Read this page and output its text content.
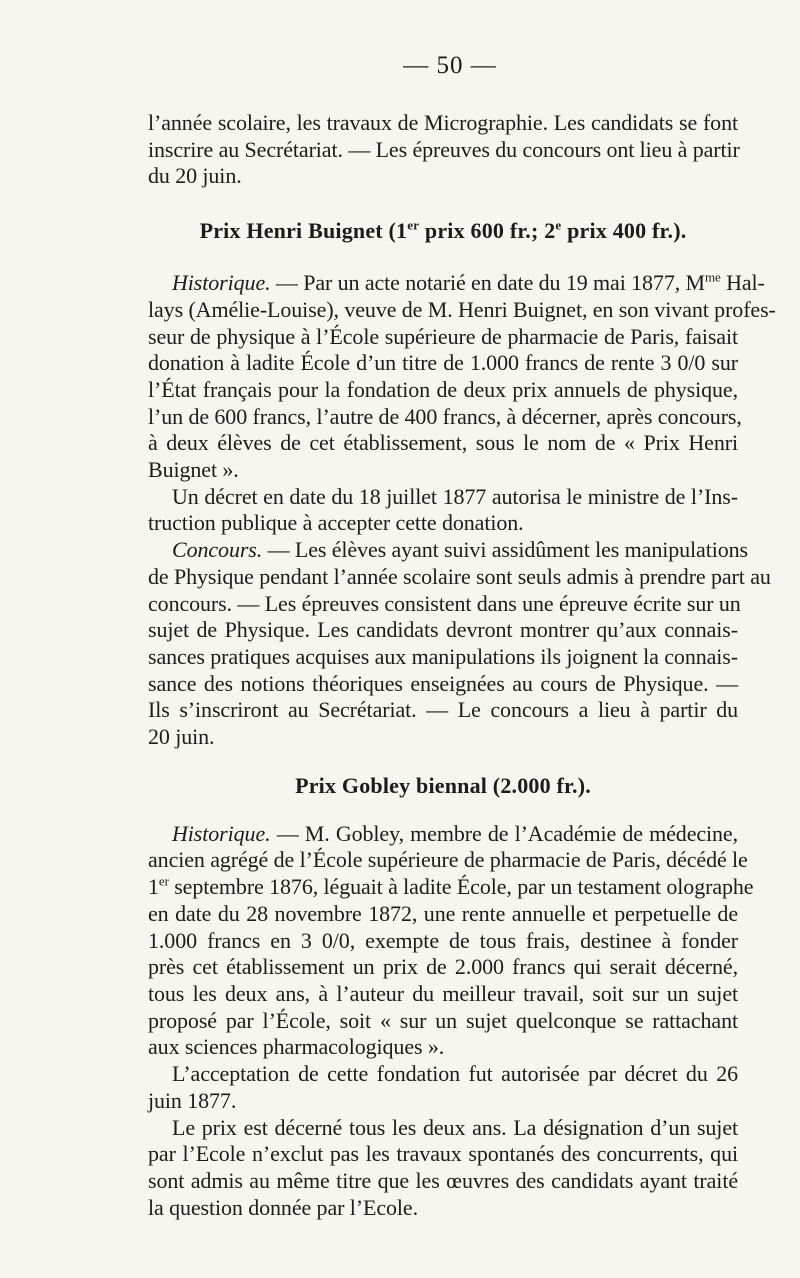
— 50 —
l’année scolaire, les travaux de Micrographie. Les candidats se font
inscrire au Secrétariat. — Les épreuves du concours ont lieu à partir
du 20 juin.
Prix Henri Buignet (1er prix 600 fr.; 2e prix 400 fr.).
Historique. — Par un acte notarié en date du 19 mai 1877, $M^{me}$ Hal-
lays (Amélie-Louise), veuve de M. Henri Buignet, en son vivant profes-
seur de physique à l’École supérieure de pharmacie de Paris, faisait
donation à ladite École d’un titre de 1.000 francs de rente 3 0/0 sur
l’État français pour la fondation de deux prix annuels de physique,
l’un de 600 francs, l’autre de 400 francs, à décerner, après concours,
à deux élèves de cet établissement, sous le nom de « Prix Henri
Buignet ».
Un décret en date du 18 juillet 1877 autorisa le ministre de l’Ins-
truction publique à accepter cette donation.
Concours. — Les élèves ayant suivi assidûment les manipulations
de Physique pendant l’année scolaire sont seuls admis à prendre part au
concours. — Les épreuves consistent dans une épreuve écrite sur un
sujet de Physique. Les candidats devront montrer qu’aux connais-
sances pratiques acquises aux manipulations ils joignent la connais-
sance des notions théoriques enseignées au cours de Physique. —
Ils s’inscriront au Secrétariat. — Le concours a lieu à partir du
20 juin.
Prix Gobley biennal (2.000 fr.).
Historique. — M. Gobley, membre de l’Académie de médecine,
ancien agrégé de l’École supérieure de pharmacie de Paris, décédé le
1er septembre 1876, léguait à ladite École, par un testament olographe
en date du 28 novembre 1872, une rente annuelle et perpetuelle de
1.000 francs en 3 0/0, exempte de tous frais, destinee à fonder
près cet établissement un prix de 2.000 francs qui serait décerné,
tous les deux ans, à l’auteur du meilleur travail, soit sur un sujet
proposé par l’École, soit « sur un sujet quelconque se rattachant
aux sciences pharmacologiques ».
L’acceptation de cette fondation fut autorisée par décret du 26
juin 1877.
Le prix est décerné tous les deux ans. La désignation d’un sujet
par l’Ecole n’exclut pas les travaux spontanés des concurrents, qui
sont admis au même titre que les œuvres des candidats ayant traité
la question donnée par l’Ecole.
